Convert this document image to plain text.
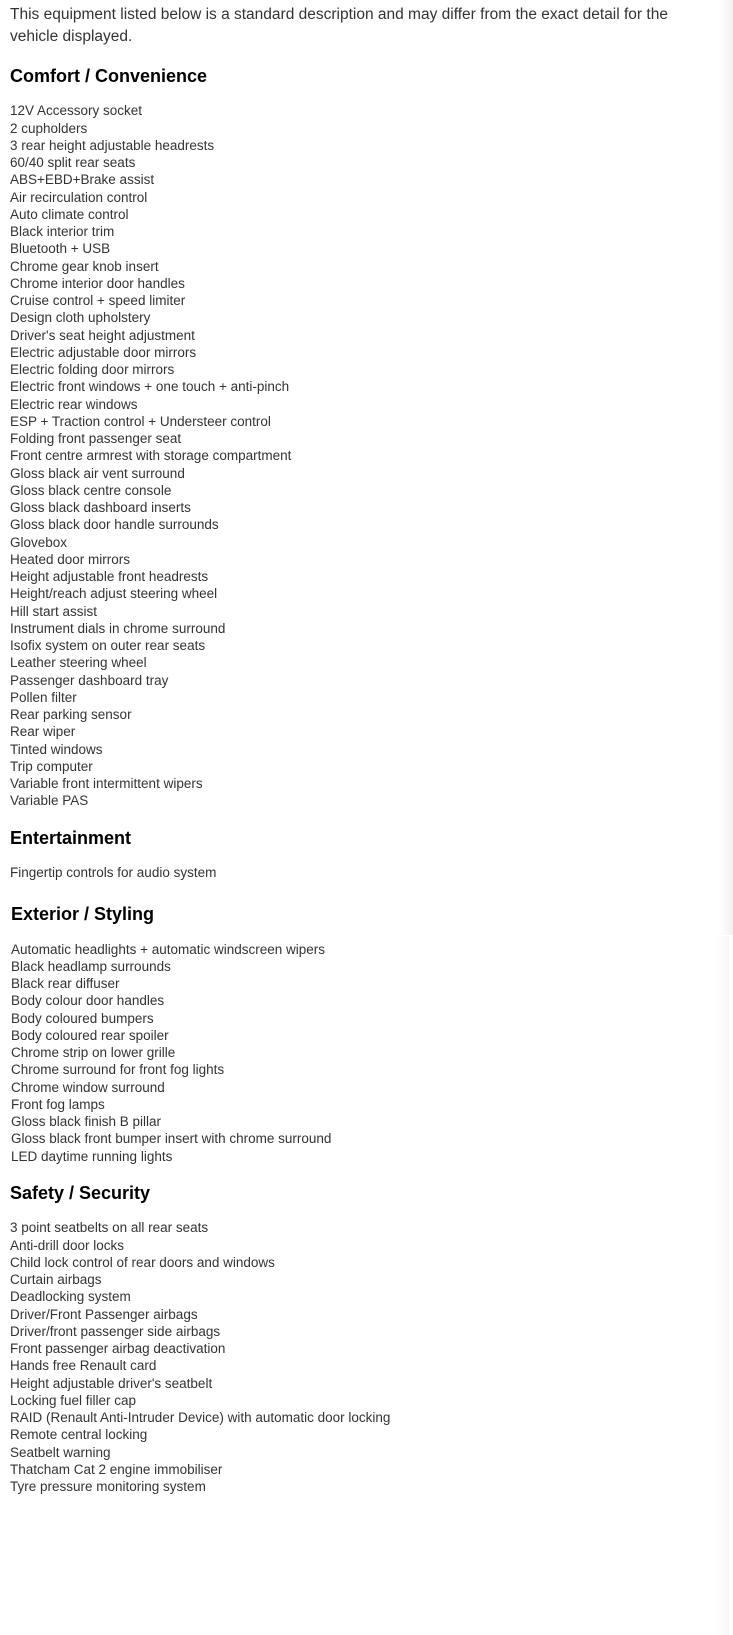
This equipment listed below is a standard description and may differ from the exact detail for the vehicle displayed.

Comfort / Convenience
12V Accessory socket
2 cupholders
3 rear height adjustable headrests
60/40 split rear seats
ABS+EBD+Brake assist
Air recirculation control
Auto climate control
Black interior trim
Bluetooth + USB
Chrome gear knob insert
Chrome interior door handles
Cruise control + speed limiter
Design cloth upholstery
Driver's seat height adjustment
Electric adjustable door mirrors
Electric folding door mirrors
Electric front windows + one touch + anti-pinch
Electric rear windows
ESP + Traction control + Understeer control
Folding front passenger seat
Front centre armrest with storage compartment
Gloss black air vent surround
Gloss black centre console
Gloss black dashboard inserts
Gloss black door handle surrounds
Glovebox
Heated door mirrors
Height adjustable front headrests
Height/reach adjust steering wheel
Hill start assist
Instrument dials in chrome surround
Isofix system on outer rear seats
Leather steering wheel
Passenger dashboard tray
Pollen filter
Rear parking sensor
Rear wiper
Tinted windows
Trip computer
Variable front intermittent wipers
Variable PAS
Entertainment
Fingertip controls for audio system
Exterior / Styling
Automatic headlights + automatic windscreen wipers
Black headlamp surrounds
Black rear diffuser
Body colour door handles
Body coloured bumpers
Body coloured rear spoiler
Chrome strip on lower grille
Chrome surround for front fog lights
Chrome window surround
Front fog lamps
Gloss black finish B pillar
Gloss black front bumper insert with chrome surround
LED daytime running lights
Safety / Security
3 point seatbelts on all rear seats
Anti-drill door locks
Child lock control of rear doors and windows
Curtain airbags
Deadlocking system
Driver/Front Passenger airbags
Driver/front passenger side airbags
Front passenger airbag deactivation
Hands free Renault card
Height adjustable driver's seatbelt
Locking fuel filler cap
RAID (Renault Anti-Intruder Device) with automatic door locking
Remote central locking
Seatbelt warning
Thatcham Cat 2 engine immobiliser
Tyre pressure monitoring system
